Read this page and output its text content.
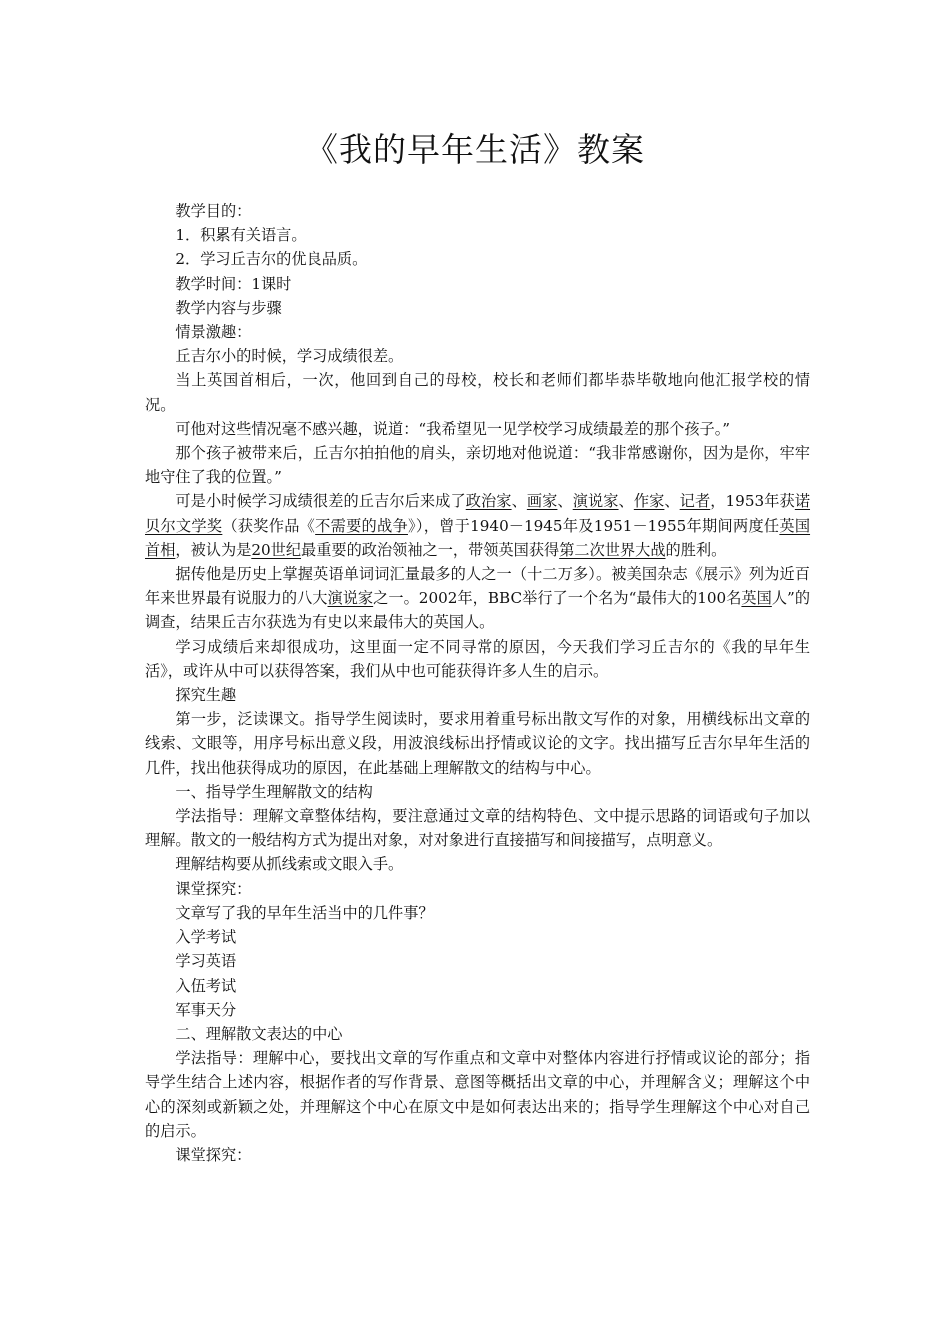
《我的早年生活》教案

教学目的：

1．积累有关语言。

2．学习丘吉尔的优良品质。

教学时间：1课时

教学内容与步骤

情景激趣：

丘吉尔小的时候，学习成绩很差。

当上英国首相后，一次，他回到自己的母校，校长和老师们都毕恭毕敬地向他汇报学校的情况。

可他对这些情况毫不感兴趣，说道：“我希望见一见学校学习成绩最差的那个孩子。”

那个孩子被带来后，丘吉尔拍拍他的肩头，亲切地对他说道：“我非常感谢你，因为是你，牢牢地守住了我的位置。”

可是小时候学习成绩很差的丘吉尔后来成了政治家、画家、演说家、作家、记者，1953年获诺贝尔文学奖（获奖作品《不需要的战争》），曾于1940－1945年及1951－1955年期间两度任英国首相，被认为是20世纪最重要的政治领袖之一，带领英国获得第二次世界大战的胜利。

据传他是历史上掌握英语单词词汇量最多的人之一（十二万多）。被美国杂志《展示》列为近百年来世界最有说服力的八大演说家之一。2002年，BBC举行了一个名为“最伟大的100名英国人”的调查，结果丘吉尔获选为有史以来最伟大的英国人。

学习成绩后来却很成功，这里面一定不同寻常的原因，今天我们学习丘吉尔的《我的早年生活》，或许从中可以获得答案，我们从中也可能获得许多人生的启示。

探究生趣

第一步，泛读课文。指导学生阅读时，要求用着重号标出散文写作的对象，用横线标出文章的线索、文眼等，用序号标出意义段，用波浪线标出抒情或议论的文字。找出描写丘吉尔早年生活的几件，找出他获得成功的原因，在此基础上理解散文的结构与中心。

一、指导学生理解散文的结构

学法指导：理解文章整体结构，要注意通过文章的结构特色、文中提示思路的词语或句子加以理解。散文的一般结构方式为提出对象，对对象进行直接描写和间接描写，点明意义。

理解结构要从抓线索或文眼入手。

课堂探究：

文章写了我的早年生活当中的几件事？

入学考试

学习英语

入伍考试

军事天分

二、理解散文表达的中心

学法指导：理解中心，要找出文章的写作重点和文章中对整体内容进行抒情或议论的部分；指导学生结合上述内容，根据作者的写作背景、意图等概括出文章的中心，并理解含义；理解这个中心的深刻或新颖之处，并理解这个中心在原文中是如何表达出来的；指导学生理解这个中心对自己的启示。

课堂探究：
